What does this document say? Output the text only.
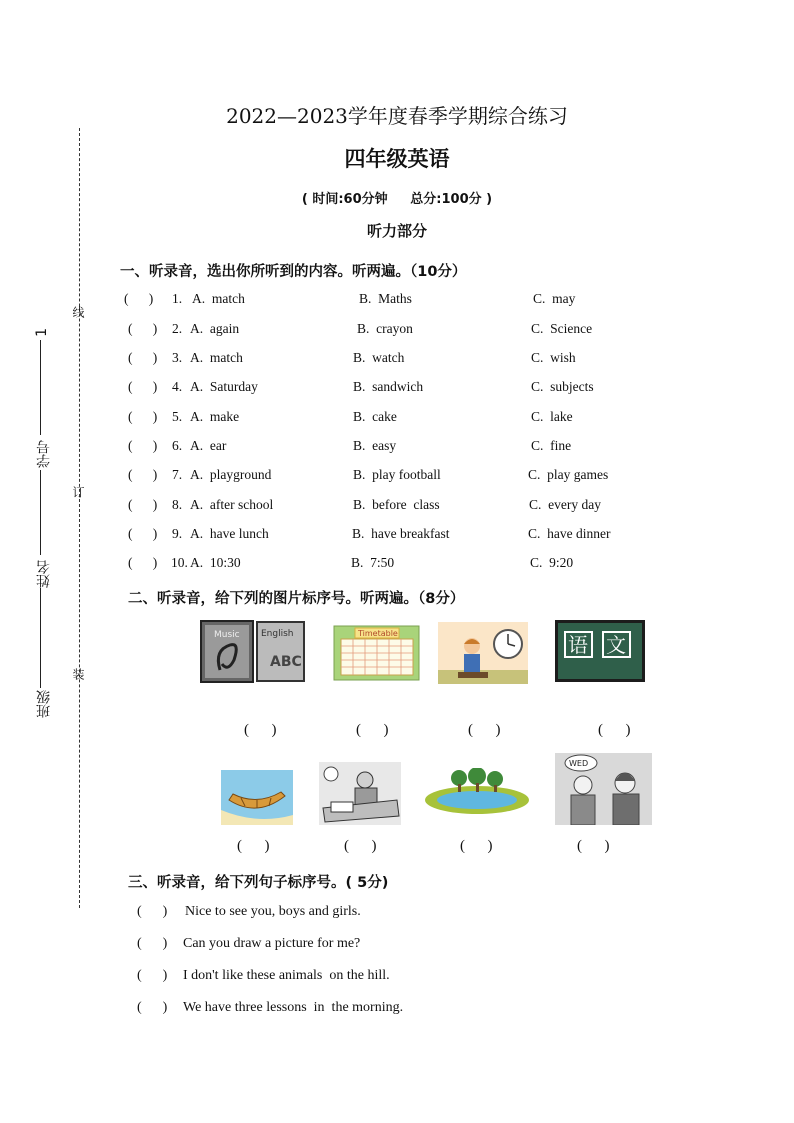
班级
姓名
学号
1
线
订
装
2022—2023学年度春季学期综合练习
四年级英语
( 时间:60分钟     总分:100分 )
听力部分
一、听录音，选出你所听到的内容。听两遍。（10分）
(      ) 1. A.  match	B.  Maths	C.  may
(      ) 2. A.  again	B.  crayon	C.  Science
(      ) 3. A.  match	B.  watch	C.  wish
(      ) 4. A.  Saturday	B.  sandwich	C.  subjects
(      ) 5. A.  make	B.  cake	C.  lake
(      ) 6. A.  ear	B.  easy	C.  fine
(      ) 7. A.  playground	B.  play football	C.  play games
(      ) 8. A.  after school	B.  before  class	C.  every day
(      ) 9. A.  have lunch	B.  have breakfast	C.  have dinner
(      ) 10. A.  10:30	B.  7:50	C.  9:20
二、听录音，给下列的图片标序号。听两遍。（8分）
ABC
Music English	Timetable	语 文
(      )	(      )	(      )	(      )
WED
(      )	(      )	(      )	(      )
三、听录音，给下列句子标序号。( 5分)
(      ) Nice to see you, boys and girls.
(      ) Can you draw a picture for me?
(      ) I don't like these animals  on the hill.
(      ) We have three lessons  in  the morning.
